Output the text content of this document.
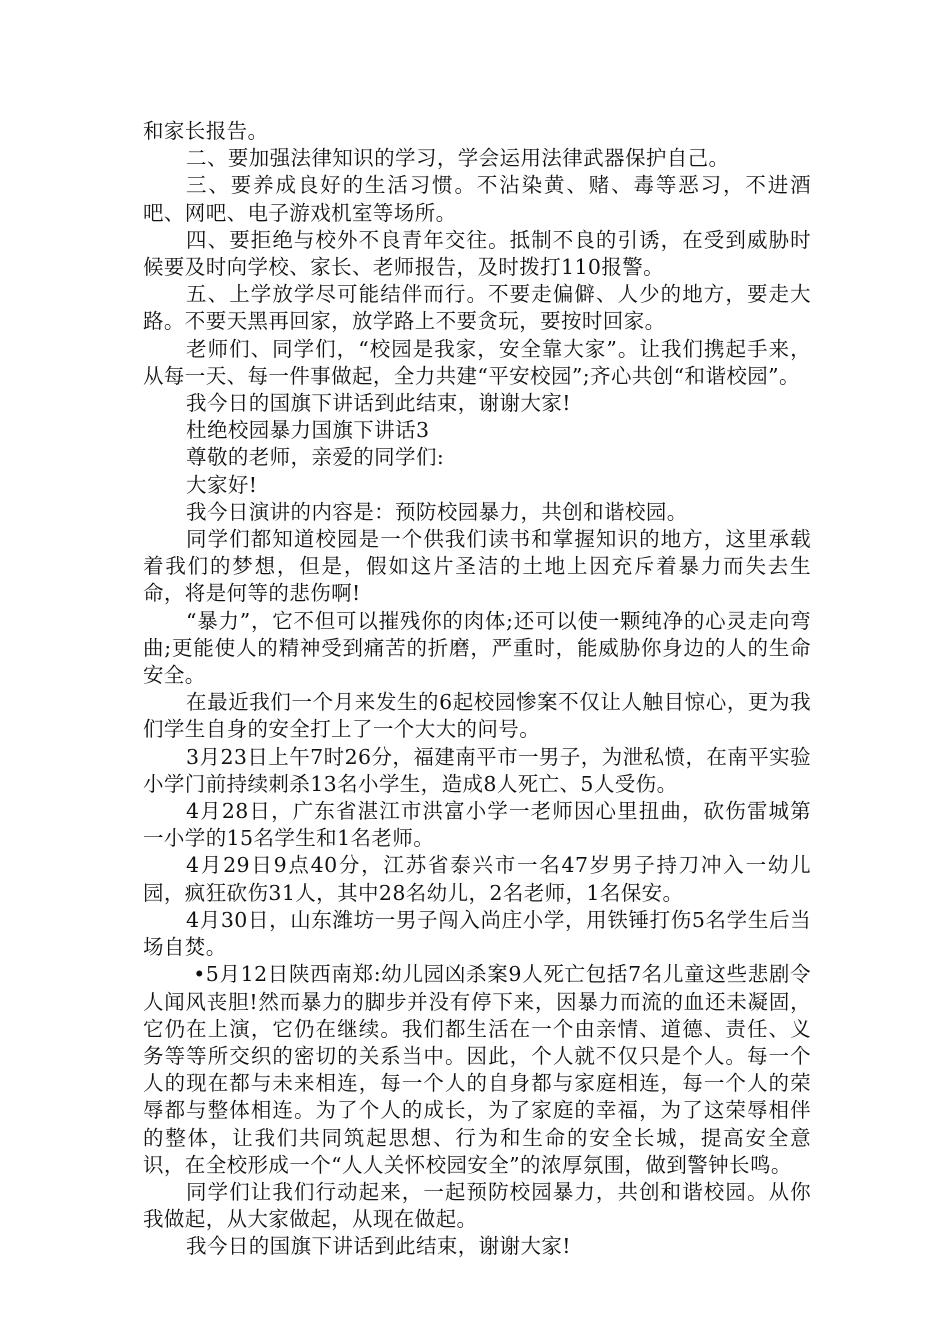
和家长报告。

二、要加强法律知识的学习，学会运用法律武器保护自己。

三、要养成良好的生活习惯。不沾染黄、赌、毒等恶习，不进酒吧、网吧、电子游戏机室等场所。

四、要拒绝与校外不良青年交往。抵制不良的引诱，在受到威胁时候要及时向学校、家长、老师报告，及时拨打110报警。

五、上学放学尽可能结伴而行。不要走偏僻、人少的地方，要走大路。不要天黑再回家，放学路上不要贪玩，要按时回家。

老师们、同学们，“校园是我家，安全靠大家”。让我们携起手来，从每一天、每一件事做起，全力共建“平安校园”;齐心共创“和谐校园”。

我今日的国旗下讲话到此结束，谢谢大家!

杜绝校园暴力国旗下讲话3

尊敬的老师，亲爱的同学们:

大家好!

我今日演讲的内容是：预防校园暴力，共创和谐校园。

同学们都知道校园是一个供我们读书和掌握知识的地方，这里承载着我们的梦想，但是，假如这片圣洁的土地上因充斥着暴力而失去生命，将是何等的悲伤啊!

“暴力”，它不但可以摧残你的肉体;还可以使一颗纯净的心灵走向弯曲;更能使人的精神受到痛苦的折磨，严重时，能威胁你身边的人的生命安全。

在最近我们一个月来发生的6起校园惨案不仅让人触目惊心，更为我们学生自身的安全打上了一个大大的问号。

3月23日上午7时26分，福建南平市一男子，为泄私愤，在南平实验小学门前持续刺杀13名小学生，造成8人死亡、5人受伤。

4月28日，广东省湛江市洪富小学一老师因心里扭曲，砍伤雷城第一小学的15名学生和1名老师。

4月29日9点40分，江苏省泰兴市一名47岁男子持刀冲入一幼儿园，疯狂砍伤31人，其中28名幼儿，2名老师，1名保安。

4月30日，山东潍坊一男子闯入尚庄小学，用铁锤打伤5名学生后当场自焚。

•5月12日陕西南郑:幼儿园凶杀案9人死亡包括7名儿童这些悲剧令人闻风丧胆!然而暴力的脚步并没有停下来，因暴力而流的血还未凝固，它仍在上演，它仍在继续。我们都生活在一个由亲情、道德、责任、义务等等所交织的密切的关系当中。因此，个人就不仅只是个人。每一个人的现在都与未来相连，每一个人的自身都与家庭相连，每一个人的荣辱都与整体相连。为了个人的成长，为了家庭的幸福，为了这荣辱相伴的整体，让我们共同筑起思想、行为和生命的安全长城，提高安全意识，在全校形成一个“人人关怀校园安全”的浓厚氛围，做到警钟长鸣。

同学们让我们行动起来，一起预防校园暴力，共创和谐校园。从你我做起，从大家做起，从现在做起。

我今日的国旗下讲话到此结束，谢谢大家!
